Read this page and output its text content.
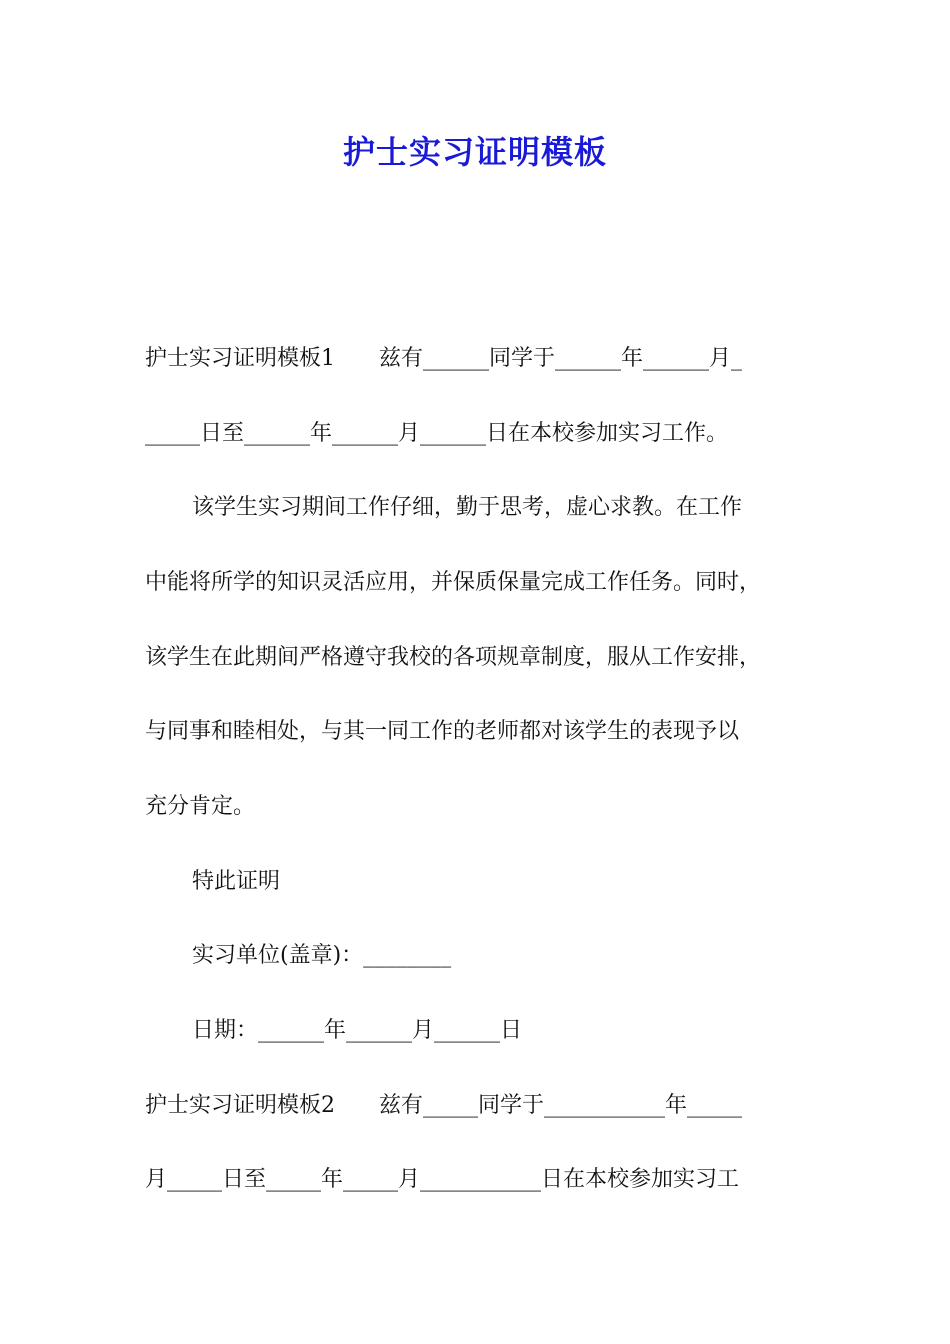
护士实习证明模板
护士实习证明模板1　　兹有______同学于______年______月_
_____日至______年______月______日在本校参加实习工作。
该学生实习期间工作仔细，勤于思考，虚心求教。在工作
中能将所学的知识灵活应用，并保质保量完成工作任务。同时，
该学生在此期间严格遵守我校的各项规章制度，服从工作安排，
与同事和睦相处，与其一同工作的老师都对该学生的表现予以
充分肯定。
特此证明
实习单位(盖章)：________
日期：______年______月______日
护士实习证明模板2　　兹有_____同学于___________年_____
月_____日至_____年_____月___________日在本校参加实习工
